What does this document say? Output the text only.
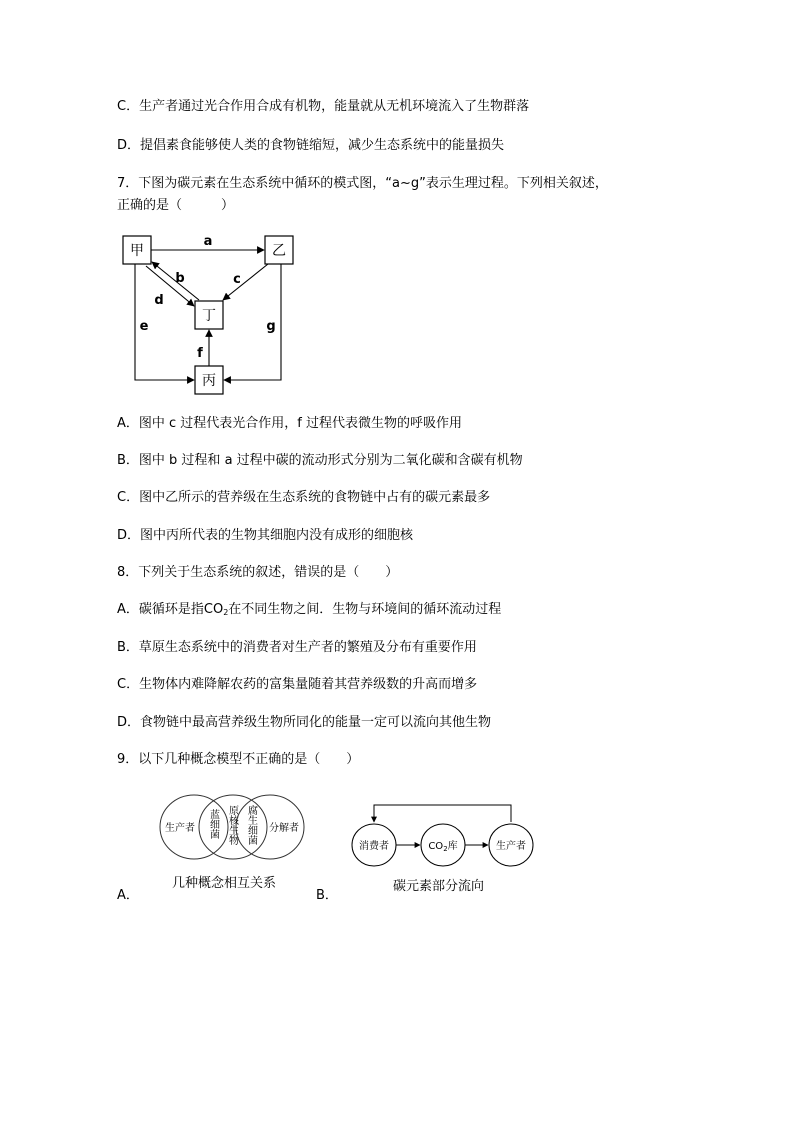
C．生产者通过光合作用合成有机物，能量就从无机环境流入了生物群落
D．提倡素食能够使人类的食物链缩短，减少生态系统中的能量损失
7．下图为碳元素在生态系统中循环的模式图，“a~g”表示生理过程。下列相关叙述，
正确的是（　　　）
甲	乙
丁
丙
a
c
b
d
e	g
f
A．图中 c 过程代表光合作用，f 过程代表微生物的呼吸作用
B．图中 b 过程和 a 过程中碳的流动形式分别为二氧化碳和含碳有机物
C．图中乙所示的营养级在生态系统的食物链中占有的碳元素最多
D．图中丙所代表的生物其细胞内没有成形的细胞核
8．下列关于生态系统的叙述，错误的是（　　）
A．碳循环是指$CO_2$在不同生物之间．生物与环境间的循环流动过程
B．草原生态系统中的消费者对生产者的繁殖及分布有重要作用
C．生物体内难降解农药的富集量随着其营养级数的升高而增多
D．食物链中最高营养级生物所同化的能量一定可以流向其他生物
9．以下几种概念模型不正确的是（　　）
生产者	分解者
蓝细菌 原核生物 腐生细菌
几种概念相互关系
A．
消费者	$CO_2$库	生产者
碳元素部分流向
B．
